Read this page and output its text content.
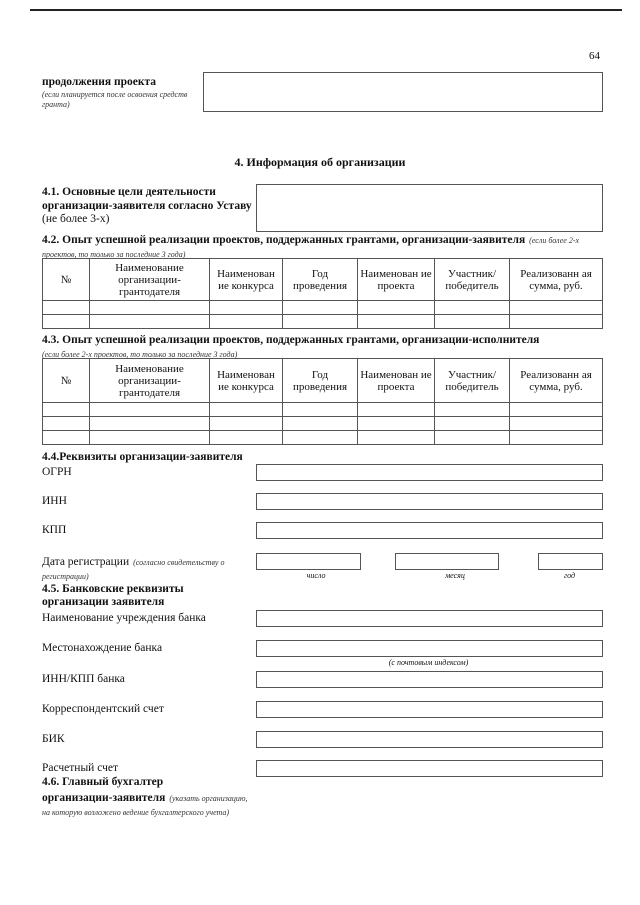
64
продолжения проекта
(если планируется после освоения средств гранта)
4. Информация об организации
4.1. Основные цели деятельности организации-заявителя согласно Уставу (не более 3-х)
4.2. Опыт успешной реализации проектов, поддержанных грантами, организации-заявителя (если более 2-х проектов, то только за последние 3 года)
№	Наименование организации-грантодателя	Наименован ие конкурса	Год проведения	Наименован ие проекта	Участник/ победитель	Реализованн ая сумма, руб.

4.3. Опыт успешной реализации проектов, поддержанных грантами, организации-исполнителя
(если более 2-х проектов, то только за последние 3 года)
№	Наименование организации-грантодателя	Наименован ие конкурса	Год проведения	Наименован ие проекта	Участник/ победитель	Реализованн ая сумма, руб.

4.4.Реквизиты организации-заявителя
ОГРН
ИНН
КПП
Дата регистрации (согласно свидетельству о регистрации)	число	месяц	год
4.5. Банковские реквизиты организации заявителя
Наименование учреждения банка
Местонахождение банка
(с почтовым индексом)
ИНН/КПП банка
Корреспондентский счет
БИК
Расчетный счет
4.6. Главный бухгалтер
организации-заявителя (указать организацию, на которую возложено ведение бухгалтерского учета)
